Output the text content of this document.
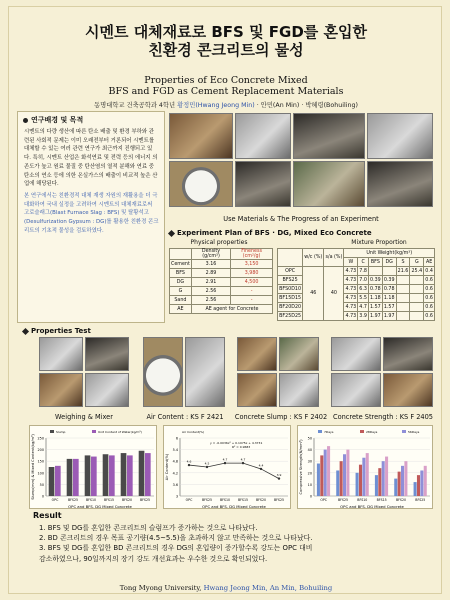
시멘트 대체재료로 BFS 및 FGD를 혼입한
친환경 콘크리트의 물성
Properties of Eco Concrete Mixed
BFS and FGD as Cement Replacement Materials
동명대학교 건축공학과 4학년 황정민(Hwang Jeong Min) · 안민(An Min) · 박혜령(Bohuiling)

시멘트의 다량 생산에 따른 탄소 배출 및 환경 부하와 관련된 사회적 문제는 이미 오래전부터 거론되어 시멘트를 대체할 수 있는 여러 관련 연구가 최근까지 진행되고 있다. 특히, 시멘트 산업은 화석연료 및 전력 등의 에너지 의존도가 높고 원료 물질 중 탄산염의 열적 분해와 연료 중 탄소의 연소 등에 의한 온실가스의 배출이 비교적 높은 산업에 해당된다.

본 연구에서는 친환경적 대체 재생 자원의 재활용을 더 극대화하여 국내 실정을 고려하여 시멘트의 대체재료로써 고로슬래그(Blast Furnace Slag : BFS) 및 탈황석고(Desulfurization Gypsum : DG)를 활용한 친환경 콘크리트의 기초적 물성을 검토하였다.

연구배경 및 목적
Use Materials & The Progress of an Experiment
Experiment Plan of BFS · DG, Mixed Eco Concrete
Physical properties	Mixture Proportion
	Density (g/cm³)	Fineness (cm²/g)
Cement	3.16	3,150
BFS	2.89	3,980
DG	2.91	4,500
G	2.56	-
Sand	2.56	-
AE	AE agent for Concrete	
	w/c (%)	s/a (%)	Unit Weight(kg/m³)						
			W	C	BFS	DG	S	G	AE
OPC	46	40	4.73	7.8			21.6	25.4	0.4
BFS25			4.73	7.0	0.39	0.39			0.6
BFS0D10			4.73	6.3	0.78	0.78			0.6
BF15D15			4.73	5.5	1.18	1.18			0.6
BF20D20			4.73	4.7	1.57	1.57			0.6
BF25D25			4.73	3.9	1.97	1.97			0.6
Properties Test
Weighing & Mixer	Air Content : KS F 2421	Concrete Slump : KS F 2402 Concrete Strength : KS F 2405
0
50
100
150
200
250
OPC	BFS25 BFS10 BFS15 BFS20 BFS25
OPC and BFS, DG Mixed Concrete
Slump(mm) & Mixed Content(kg/m³)
Slump	Unit Content of Water(kg/m³)
3
3.6
4.2
4.8
5.4
6
OPC	BFS25 BFS10 BFS15 BFS20 BFS25
OPC and BFS, DG Mixed Concrete
Air Content(%)	4.6	4.5
4.7	4.7
4.4
3.9
y = -0.0036x² + 0.1075x + 4.3731
R² = 0.9683
Air Content(%)
0
10
20
30
40
50
OPC	BFS25	BFS10	BFS15	BFS20	BFS25
OPC and BFS, DG Mixed Concrete
Compressive Strength(N/mm²)
7Days	28Days	56Days
Result
1. BFS 및 DG를 혼입한 콘크리트의 슬럼프가 증가하는 것으로 나타났다.
2. BD 콘크리트의 경우 목표 공기량(4.5~5.5)을 초과하지 않고 만족하는 것으로 나타났다.
3. BFS 및 DG를 혼입한 BD 콘크리트의 경우 DG의 혼입량이 증가할수록 강도는 OPC 대비
감소하였으나, 90일까지의 장기 강도 개선효과는 우수한 것으로 확인되었다.
Tong Myong University, Hwang Jeong Min, An Min, Bohuiling
